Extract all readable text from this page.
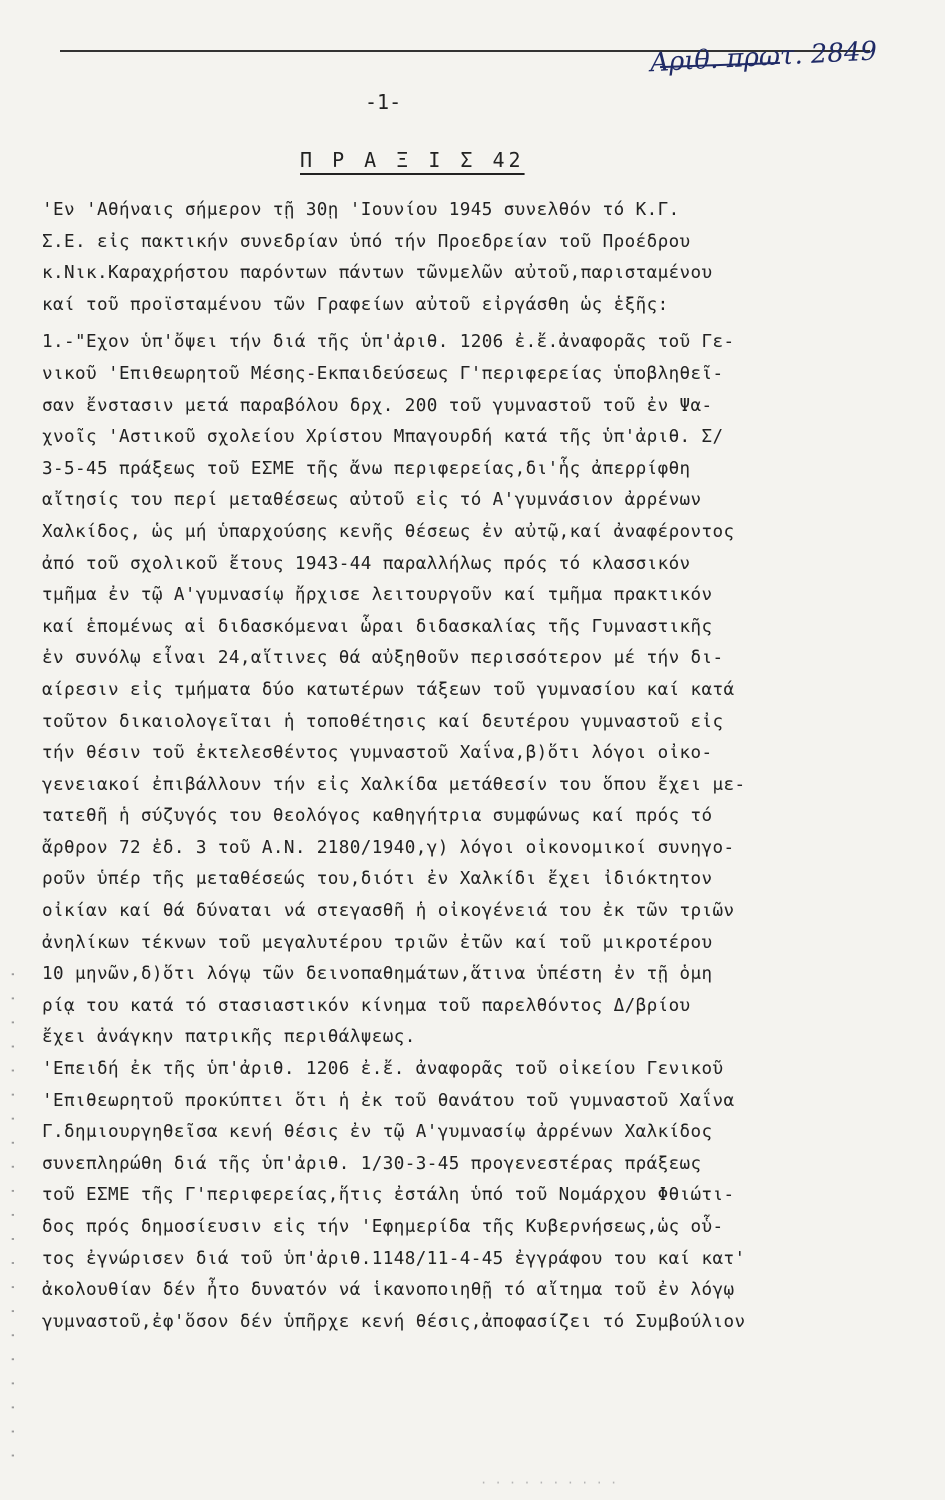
Αριθ. πρωτ. 2849
-1-
Π Ρ Α Ξ Ι Σ 42
'Εν 'Αθήναις σήμερον τῇ 30ῃ 'Ιουνίου 1945 συνελθόν τό Κ.Γ.
Σ.Ε. εἰς πακτικήν συνεδρίαν ὑπό τήν Προεδρείαν τοῦ Προέδρου
κ.Νικ.Καραχρήστου παρόντων πάντων τῶνμελῶν αὐτοῦ,παρισταμένου
καί τοῦ προϊσταμένου τῶν Γραφείων αὐτοῦ εἰργάσθη ὡς ἑξῆς:
1.-"Εχον ὑπ'ὄψει τήν διά τῆς ὑπ'ἀριθ. 1206 ἐ.ἔ.ἀναφορᾶς τοῦ Γε-
νικοῦ 'Επιθεωρητοῦ Μέσης-Εκπαιδεύσεως Γ'περιφερείας ὑποβληθεῖ-
σαν ἔνστασιν μετά παραβόλου δρχ. 200 τοῦ γυμναστοῦ τοῦ ἐν Ψα-
χνοῖς 'Αστικοῦ σχολείου Χρίστου Μπαγουρδή κατά τῆς ὑπ'ἀριθ. Σ/
3-5-45 πράξεως τοῦ ΕΣΜΕ τῆς ἄνω περιφερείας,δι'ἧς ἀπερρίφθη
αἴτησίς του περί μεταθέσεως αὐτοῦ εἰς τό Α'γυμνάσιον ἀρρένων
Χαλκίδος, ὡς μή ὑπαρχούσης κενῆς θέσεως ἐν αὐτῷ,καί ἀναφέροντος
ἀπό τοῦ σχολικοῦ ἔτους 1943-44 παραλλήλως πρός τό κλασσικόν
τμῆμα ἐν τῷ Α'γυμνασίῳ ἤρχισε λειτουργοῦν καί τμῆμα πρακτικόν
καί ἑπομένως αἱ διδασκόμεναι ὧραι διδασκαλίας τῆς Γυμναστικῆς
ἐν συνόλῳ εἶναι 24,αἵτινες θά αὐξηθοῦν περισσότερον μέ τήν δι-
αίρεσιν εἰς τμήματα δύο κατωτέρων τάξεων τοῦ γυμνασίου καί κατά
τοῦτον δικαιολογεῖται ἡ τοποθέτησις καί δευτέρου γυμναστοῦ εἰς
τήν θέσιν τοῦ ἐκτελεσθέντος γυμναστοῦ Χαΐνα,β)ὅτι λόγοι οἰκο-
γενειακοί ἐπιβάλλουν τήν εἰς Χαλκίδα μετάθεσίν του ὅπου ἔχει με-
τατεθῆ ἡ σύζυγός του θεολόγος καθηγήτρια συμφώνως καί πρός τό
ἄρθρον 72 ἐδ. 3 τοῦ Α.Ν. 2180/1940,γ) λόγοι οἰκονομικοί συνηγο-
ροῦν ὑπέρ τῆς μεταθέσεώς του,διότι ἐν Χαλκίδι ἔχει ἰδιόκτητον
οἰκίαν καί θά δύναται νά στεγασθῆ ἡ οἰκογένειά του ἐκ τῶν τριῶν
ἀνηλίκων τέκνων τοῦ μεγαλυτέρου τριῶν ἐτῶν καί τοῦ μικροτέρου
10 μηνῶν,δ)ὅτι λόγῳ τῶν δεινοπαθημάτων,ἅτινα ὑπέστη ἐν τῇ ὁμη
ρίᾳ του κατά τό στασιαστικόν κίνημα τοῦ παρελθόντος Δ/βρίου
ἔχει ἀνάγκην πατρικῆς περιθάλψεως.
'Επειδή ἐκ τῆς ὑπ'ἀριθ. 1206 ἐ.ἔ. ἀναφορᾶς τοῦ οἰκείου Γενικοῦ
'Επιθεωρητοῦ προκύπτει ὅτι ἡ ἐκ τοῦ θανάτου τοῦ γυμναστοῦ Χαΐνα
Γ.δημιουργηθεῖσα κενή θέσις ἐν τῷ Α'γυμνασίῳ ἀρρένων Χαλκίδος
συνεπληρώθη διά τῆς ὑπ'ἀριθ. 1/30-3-45 προγενεστέρας πράξεως
τοῦ ΕΣΜΕ τῆς Γ'περιφερείας,ἥτις ἐστάλη ὑπό τοῦ Νομάρχου Φθιώτι-
δος πρός δημοσίευσιν εἰς τήν 'Εφημερίδα τῆς Κυβερνήσεως,ὡς οὗ-
τος ἐγνώρισεν διά τοῦ ὑπ'ἀριθ.1148/11-4-45 ἐγγράφου του καί κατ'
ἀκολουθίαν δέν ἦτο δυνατόν νά ἱκανοποιηθῇ τό αἴτημα τοῦ ἐν λόγῳ
γυμναστοῦ,ἐφ'ὅσον δέν ὑπῆρχε κενή θέσις,ἀποφασίζει τό Συμβούλιον
· · · · · · · · · · · · · · · · · · · · ·
· · · · · · · · · ·
